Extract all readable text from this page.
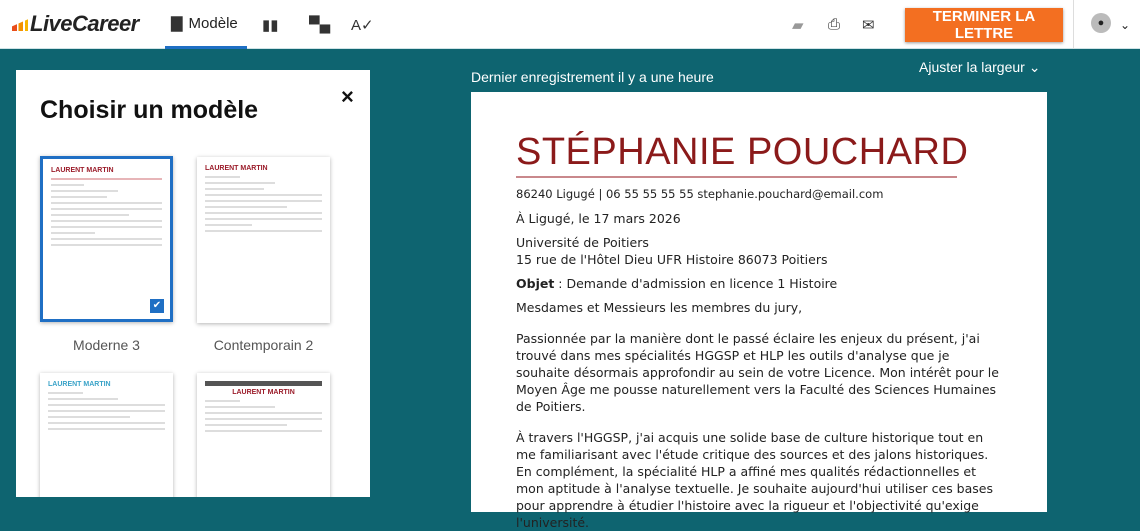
LiveCareer ▇ Modèle ▮▮ ▀▄ A✓	▰ ⎙ ✉	TERMINER LA LETTRE
●	⌄
Choisir un modèle	×
LAURENT MARTIN
✔
Moderne 3
LAURENT MARTIN
Contemporain 2
LAURENT MARTIN
LAURENT MARTIN
Dernier enregistrement il y a une heure
Ajuster la largeur ⌄
STÉPHANIE POUCHARD
86240 Ligugé | 06 55 55 55 55 stephanie.pouchard@email.com
À Ligugé, le 17 mars 2026
Université de Poitiers
15 rue de l'Hôtel Dieu UFR Histoire 86073 Poitiers
Objet : Demande d'admission en licence 1 Histoire
Mesdames et Messieurs les membres du jury,
Passionnée par la manière dont le passé éclaire les enjeux du présent, j'ai trouvé dans mes spécialités HGGSP et HLP les outils d'analyse que je souhaite désormais approfondir au sein de votre Licence. Mon intérêt pour le Moyen Âge me pousse naturellement vers la Faculté des Sciences Humaines de Poitiers.
À travers l'HGGSP, j'ai acquis une solide base de culture historique tout en me familiarisant avec l'étude critique des sources et des jalons historiques. En complément, la spécialité HLP a affiné mes qualités rédactionnelles et mon aptitude à l'analyse textuelle. Je souhaite aujourd'hui utiliser ces bases pour apprendre à étudier l'histoire avec la rigueur et l'objectivité qu'exige l'université.
